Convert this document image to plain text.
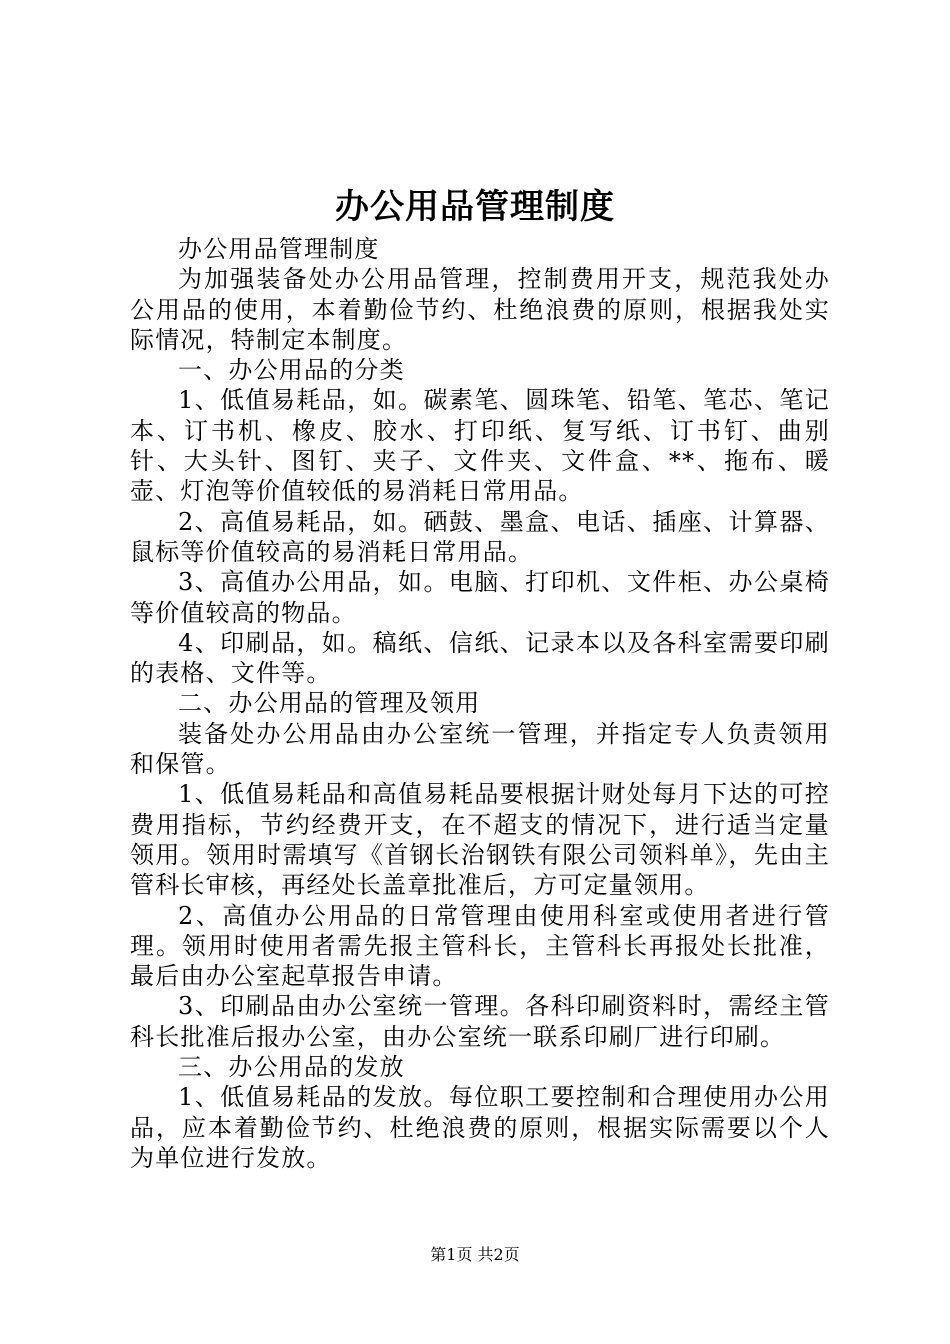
办公用品管理制度

办公用品管理制度

为加强装备处办公用品管理，控制费用开支，规范我处办公用品的使用，本着勤俭节约、杜绝浪费的原则，根据我处实际情况，特制定本制度。

一、办公用品的分类

1、低值易耗品，如。碳素笔、圆珠笔、铅笔、笔芯、笔记本、订书机、橡皮、胶水、打印纸、复写纸、订书钉、曲别针、大头针、图钉、夹子、文件夹、文件盒、**、拖布、暖壶、灯泡等价值较低的易消耗日常用品。

2、高值易耗品，如。硒鼓、墨盒、电话、插座、计算器、鼠标等价值较高的易消耗日常用品。

3、高值办公用品，如。电脑、打印机、文件柜、办公桌椅等价值较高的物品。

4、印刷品，如。稿纸、信纸、记录本以及各科室需要印刷的表格、文件等。

二、办公用品的管理及领用

装备处办公用品由办公室统一管理，并指定专人负责领用和保管。

1、低值易耗品和高值易耗品要根据计财处每月下达的可控费用指标，节约经费开支，在不超支的情况下，进行适当定量领用。领用时需填写《首钢长治钢铁有限公司领料单》，先由主管科长审核，再经处长盖章批准后，方可定量领用。

2、高值办公用品的日常管理由使用科室或使用者进行管理。领用时使用者需先报主管科长，主管科长再报处长批准，最后由办公室起草报告申请。

3、印刷品由办公室统一管理。各科印刷资料时，需经主管科长批准后报办公室，由办公室统一联系印刷厂进行印刷。

三、办公用品的发放

1、低值易耗品的发放。每位职工要控制和合理使用办公用品，应本着勤俭节约、杜绝浪费的原则，根据实际需要以个人为单位进行发放。

第1页 共2页
